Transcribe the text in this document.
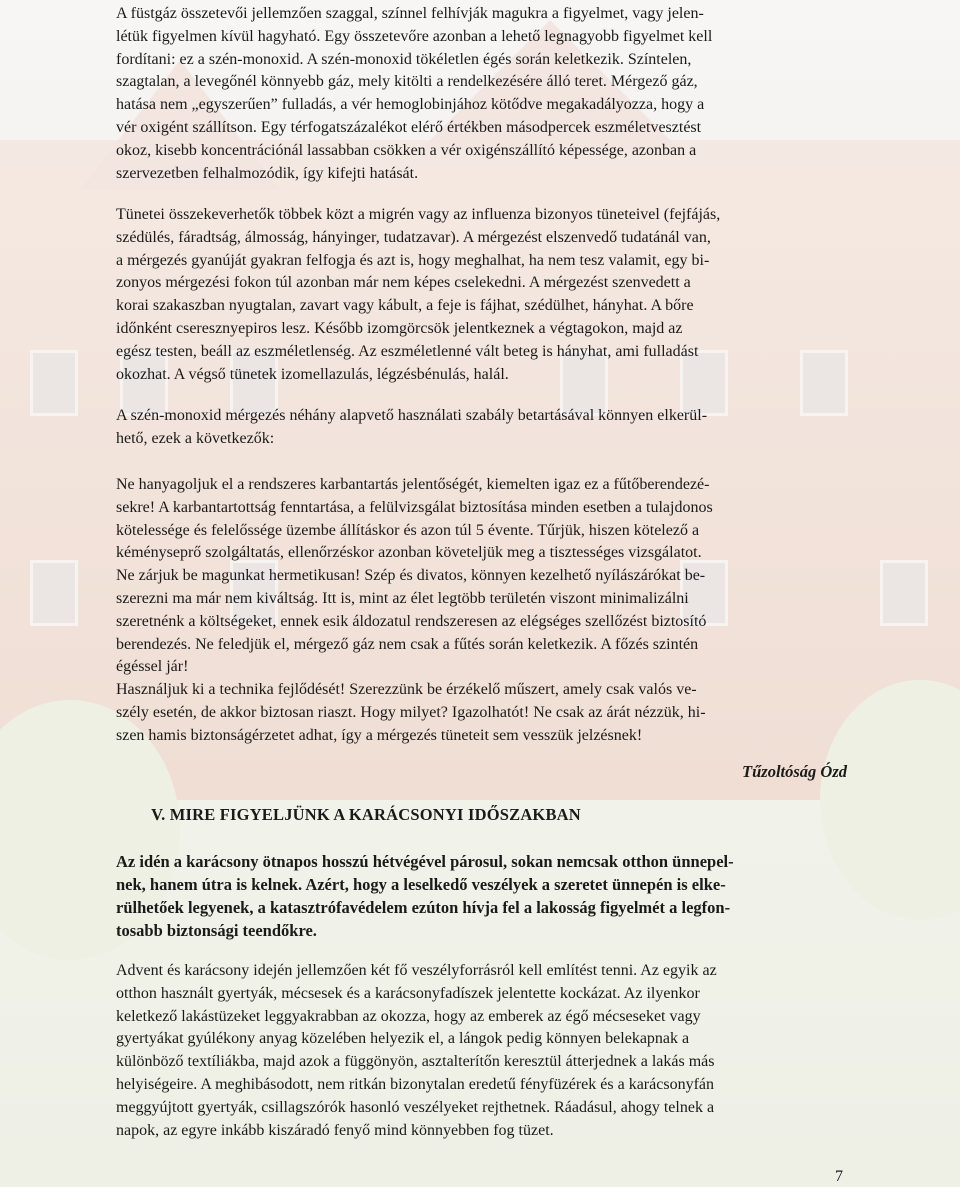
A füstgáz összetevői jellemzően szaggal, színnel felhívják magukra a figyelmet, vagy jelen-
létük figyelmen kívül hagyható. Egy összetevőre azonban a lehető legnagyobb figyelmet kell
fordítani: ez a szén-monoxid. A szén-monoxid tökéletlen égés során keletkezik. Színtelen,
szagtalan, a levegőnél könnyebb gáz, mely kitölti a rendelkezésére álló teret. Mérgező gáz,
hatása nem „egyszerűen” fulladás, a vér hemoglobinjához kötődve megakadályozza, hogy a
vér oxigént szállítson. Egy térfogatszázalékot elérő értékben másodpercek eszméletvesztést
okoz, kisebb koncentrációnál lassabban csökken a vér oxigénszállító képessége, azonban a
szervezetben felhalmozódik, így kifejti hatását.

Tünetei összekeverhetők többek közt a migrén vagy az influenza bizonyos tüneteivel (fejfájás,
szédülés, fáradtság, álmosság, hányinger, tudatzavar). A mérgezést elszenvedő tudatánál van,
a mérgezés gyanúját gyakran felfogja és azt is, hogy meghalhat, ha nem tesz valamit, egy bi-
zonyos mérgezési fokon túl azonban már nem képes cselekedni. A mérgezést szenvedett a
korai szakaszban nyugtalan, zavart vagy kábult, a feje is fájhat, szédülhet, hányhat. A bőre
időnként cseresznyepiros lesz. Később izomgörcsök jelentkeznek a végtagokon, majd az
egész testen, beáll az eszméletlenség. Az eszméletlenné vált beteg is hányhat, ami fulladást
okozhat. A végső tünetek izomellazulás, légzésbénulás, halál.

A szén-monoxid mérgezés néhány alapvető használati szabály betartásával könnyen elkerül-
hető, ezek a következők:

Ne hanyagoljuk el a rendszeres karbantartás jelentőségét, kiemelten igaz ez a fűtőberendezé-
sekre! A karbantartottság fenntartása, a felülvizsgálat biztosítása minden esetben a tulajdonos
kötelessége és felelőssége üzembe állításkor és azon túl 5 évente. Tűrjük, hiszen kötelező a
kéményseprő szolgáltatás, ellenőrzéskor azonban követeljük meg a tisztességes vizsgálatot.
Ne zárjuk be magunkat hermetikusan! Szép és divatos, könnyen kezelhető nyílászárókat be-
szerezni ma már nem kiváltság. Itt is, mint az élet legtöbb területén viszont minimalizálni
szeretnénk a költségeket, ennek esik áldozatul rendszeresen az elégséges szellőzést biztosító
berendezés. Ne feledjük el, mérgező gáz nem csak a fűtés során keletkezik. A főzés szintén
égéssel jár!
Használjuk ki a technika fejlődését! Szerezzünk be érzékelő műszert, amely csak valós ve-
szély esetén, de akkor biztosan riaszt. Hogy milyet? Igazolhatót! Ne csak az árát nézzük, hi-
szen hamis biztonságérzetet adhat, így a mérgezés tüneteit sem vesszük jelzésnek!

Tűzoltóság Ózd

Az idén a karácsony ötnapos hosszú hétvégével párosul, sokan nemcsak otthon ünnepel-
nek, hanem útra is kelnek. Azért, hogy a leselkedő veszélyek a szeretet ünnepén is elke-
rülhetőek legyenek, a katasztrófavédelem ezúton hívja fel a lakosság figyelmét a legfon-
tosabb biztonsági teendőkre.

Advent és karácsony idején jellemzően két fő veszélyforrásról kell említést tenni. Az egyik az
otthon használt gyertyák, mécsesek és a karácsonyfadíszek jelentette kockázat. Az ilyenkor
keletkező lakástüzeket leggyakrabban az okozza, hogy az emberek az égő mécseseket vagy
gyertyákat gyúlékony anyag közelében helyezik el, a lángok pedig könnyen belekapnak a
különböző textíliákba, majd azok a függönyön, asztalterítőn keresztül átterjednek a lakás más
helyiségeire. A meghibásodott, nem ritkán bizonytalan eredetű fényfüzérek és a karácsonyfán
meggyújtott gyertyák, csillagszórók hasonló veszélyeket rejthetnek. Ráadásul, ahogy telnek a
napok, az egyre inkább kiszáradó fenyő mind könnyebben fog tüzet.

V. MIRE FIGYELJÜNK A KARÁCSONYI IDŐSZAKBAN
7
